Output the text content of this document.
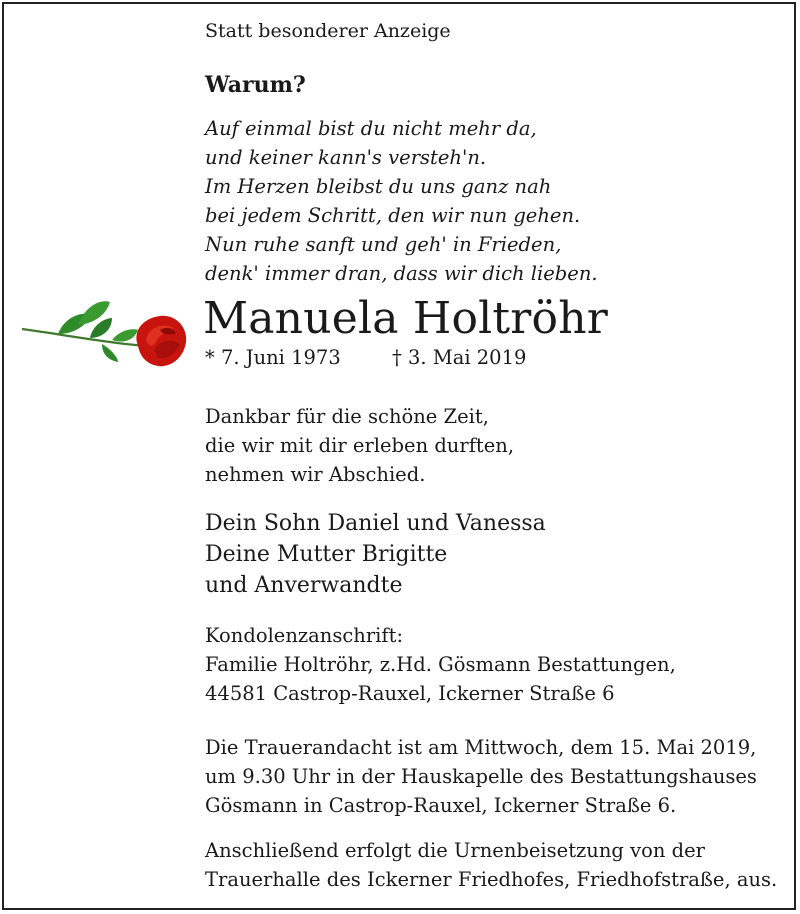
Statt besonderer Anzeige
Warum?
Auf einmal bist du nicht mehr da,
und keiner kann's versteh'n.
Im Herzen bleibst du uns ganz nah
bei jedem Schritt, den wir nun gehen.
Nun ruhe sanft und geh' in Frieden,
denk' immer dran, dass wir dich lieben.
Manuela Holtröhr
* 7. Juni 1973	† 3. Mai 2019
Dankbar für die schöne Zeit,
die wir mit dir erleben durften,
nehmen wir Abschied.
Dein Sohn Daniel und Vanessa
Deine Mutter Brigitte
und Anverwandte
Kondolenzanschrift:
Familie Holtröhr, z.Hd. Gösmann Bestattungen,
44581 Castrop-Rauxel, Ickerner Straße 6
Die Trauerandacht ist am Mittwoch, dem 15. Mai 2019,
um 9.30 Uhr in der Hauskapelle des Bestattungshauses
Gösmann in Castrop-Rauxel, Ickerner Straße 6.
Anschließend erfolgt die Urnenbeisetzung von der
Trauerhalle des Ickerner Friedhofes, Friedhofstraße, aus.
